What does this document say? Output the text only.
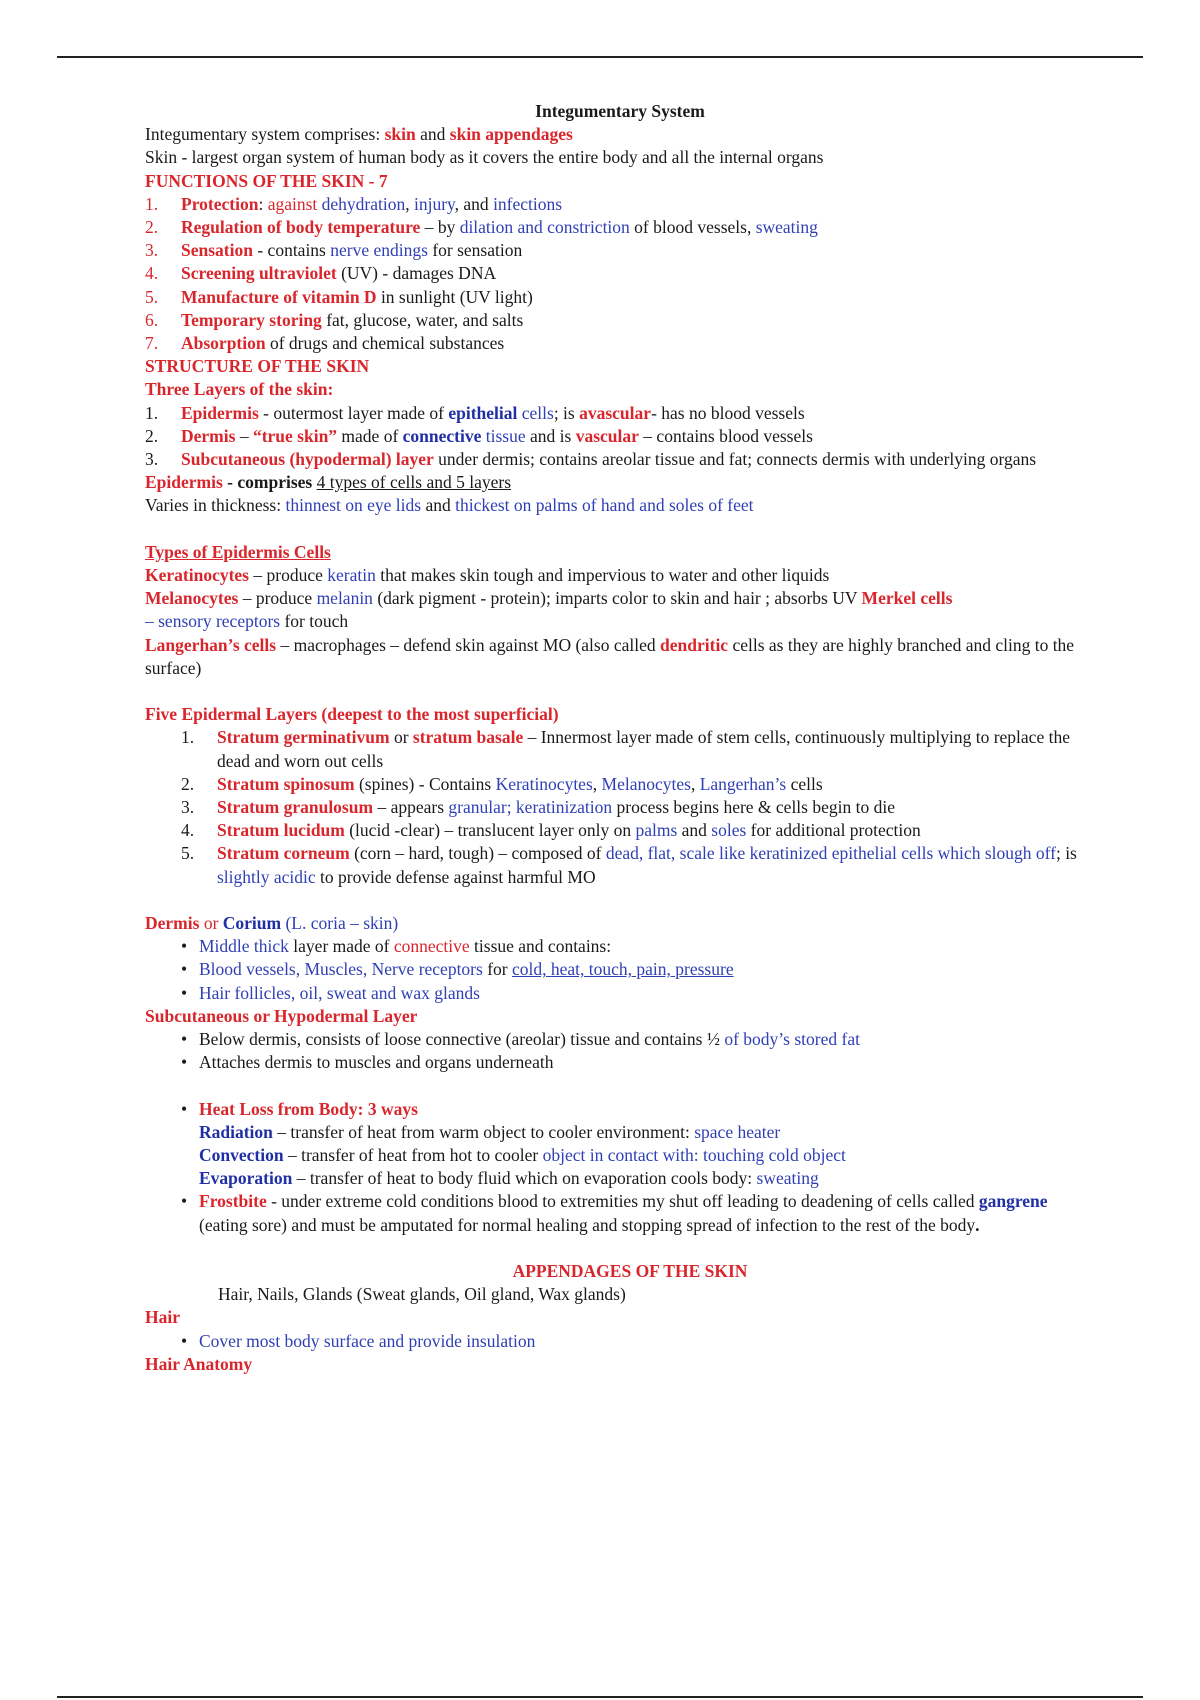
Integumentary System
Integumentary system comprises: skin and skin appendages
Skin - largest organ system of human body as it covers the entire body and all the internal organs
FUNCTIONS OF THE SKIN - 7
1.	Protection: against dehydration, injury, and infections
2.	Regulation of body temperature – by dilation and constriction of blood vessels, sweating
3.	Sensation - contains nerve endings for sensation
4.	Screening ultraviolet (UV) - damages DNA
5.	Manufacture of vitamin D in sunlight (UV light)
6.	Temporary storing fat, glucose, water, and salts
7.	Absorption of drugs and chemical substances
STRUCTURE OF THE SKIN
Three Layers of the skin:
1.	Epidermis - outermost layer made of epithelial cells; is avascular- has no blood vessels
2.	Dermis – “true skin” made of connective tissue and is vascular – contains blood vessels
3.	Subcutaneous (hypodermal) layer under dermis; contains areolar tissue and fat; connects dermis with underlying organs
Epidermis - comprises 4 types of cells and 5 layers
Varies in thickness: thinnest on eye lids and thickest on palms of hand and soles of feet
Types of Epidermis Cells
Keratinocytes – produce keratin that makes skin tough and impervious to water and other liquids
Melanocytes – produce melanin (dark pigment - protein); imparts color to skin and hair ; absorbs UV Merkel cells
– sensory receptors for touch
Langerhan’s cells – macrophages – defend skin against MO (also called dendritic cells as they are highly branched and cling to the surface)
Five Epidermal Layers (deepest to the most superficial)
1.	Stratum germinativum or stratum basale – Innermost layer made of stem cells, continuously multiplying to replace the dead and worn out cells
2.	Stratum spinosum (spines) - Contains Keratinocytes, Melanocytes, Langerhan’s cells
3.	Stratum granulosum – appears granular; keratinization process begins here & cells begin to die
4.	Stratum lucidum (lucid -clear) – translucent layer only on palms and soles for additional protection
5.	Stratum corneum (corn – hard, tough) – composed of dead, flat, scale like keratinized epithelial cells which slough off; is slightly acidic to provide defense against harmful MO
Dermis or Corium (L. coria – skin)
• Middle thick layer made of connective tissue and contains:
• Blood vessels, Muscles, Nerve receptors for cold, heat, touch, pain, pressure
• Hair follicles, oil, sweat and wax glands
Subcutaneous or Hypodermal Layer
• Below dermis, consists of loose connective (areolar) tissue and contains ½ of body’s stored fat
• Attaches dermis to muscles and organs underneath
• Heat Loss from Body: 3 ways
Radiation – transfer of heat from warm object to cooler environment: space heater
Convection – transfer of heat from hot to cooler object in contact with: touching cold object
Evaporation – transfer of heat to body fluid which on evaporation cools body: sweating
• Frostbite - under extreme cold conditions blood to extremities my shut off leading to deadening of cells called gangrene (eating sore) and must be amputated for normal healing and stopping spread of infection to the rest of the body.
APPENDAGES OF THE SKIN
Hair, Nails, Glands (Sweat glands, Oil gland, Wax glands)
Hair
• Cover most body surface and provide insulation
Hair Anatomy
